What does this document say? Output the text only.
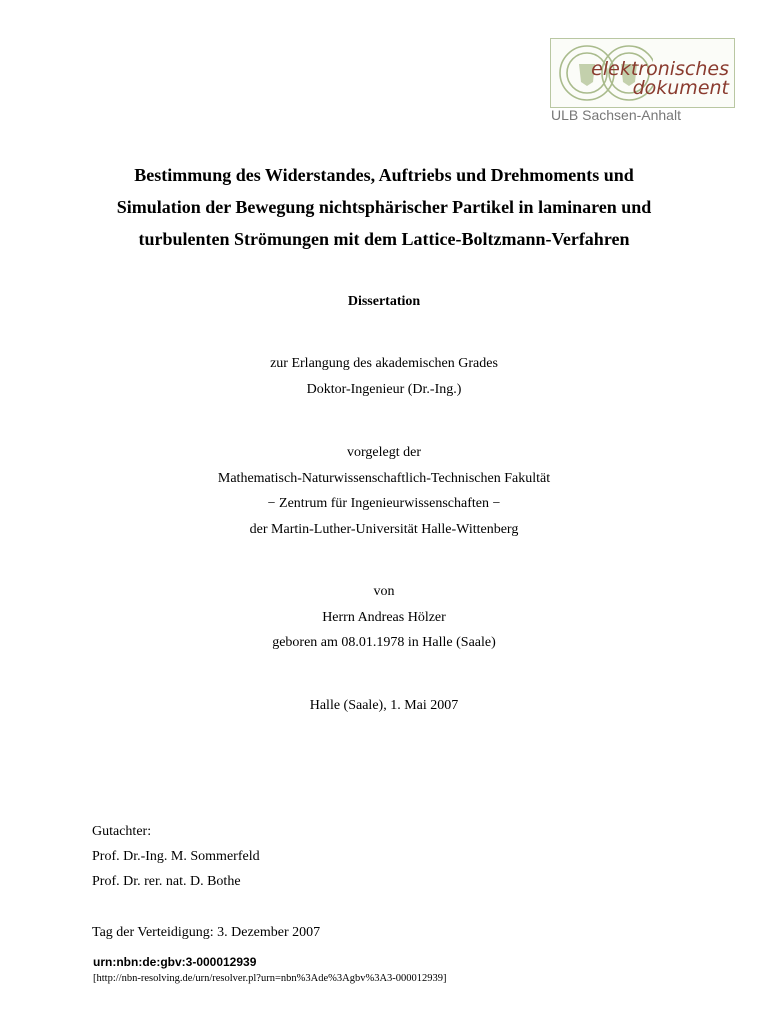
elektronisches
dokument
ULB Sachsen-Anhalt
Bestimmung des Widerstandes, Auftriebs und Drehmoments und
Simulation der Bewegung nichtsphärischer Partikel in laminaren und
turbulenten Strömungen mit dem Lattice-Boltzmann-Verfahren
Dissertation
zur Erlangung des akademischen Grades
Doktor-Ingenieur (Dr.-Ing.)
vorgelegt der
Mathematisch-Naturwissenschaftlich-Technischen Fakultät
− Zentrum für Ingenieurwissenschaften −
der Martin-Luther-Universität Halle-Wittenberg
von
Herrn Andreas Hölzer
geboren am 08.01.1978 in Halle (Saale)
Halle (Saale), 1. Mai 2007
Gutachter:
Prof. Dr.-Ing. M. Sommerfeld
Prof. Dr. rer. nat. D. Bothe
Tag der Verteidigung: 3. Dezember 2007
urn:nbn:de:gbv:3-000012939
[http://nbn-resolving.de/urn/resolver.pl?urn=nbn%3Ade%3Agbv%3A3-000012939]
